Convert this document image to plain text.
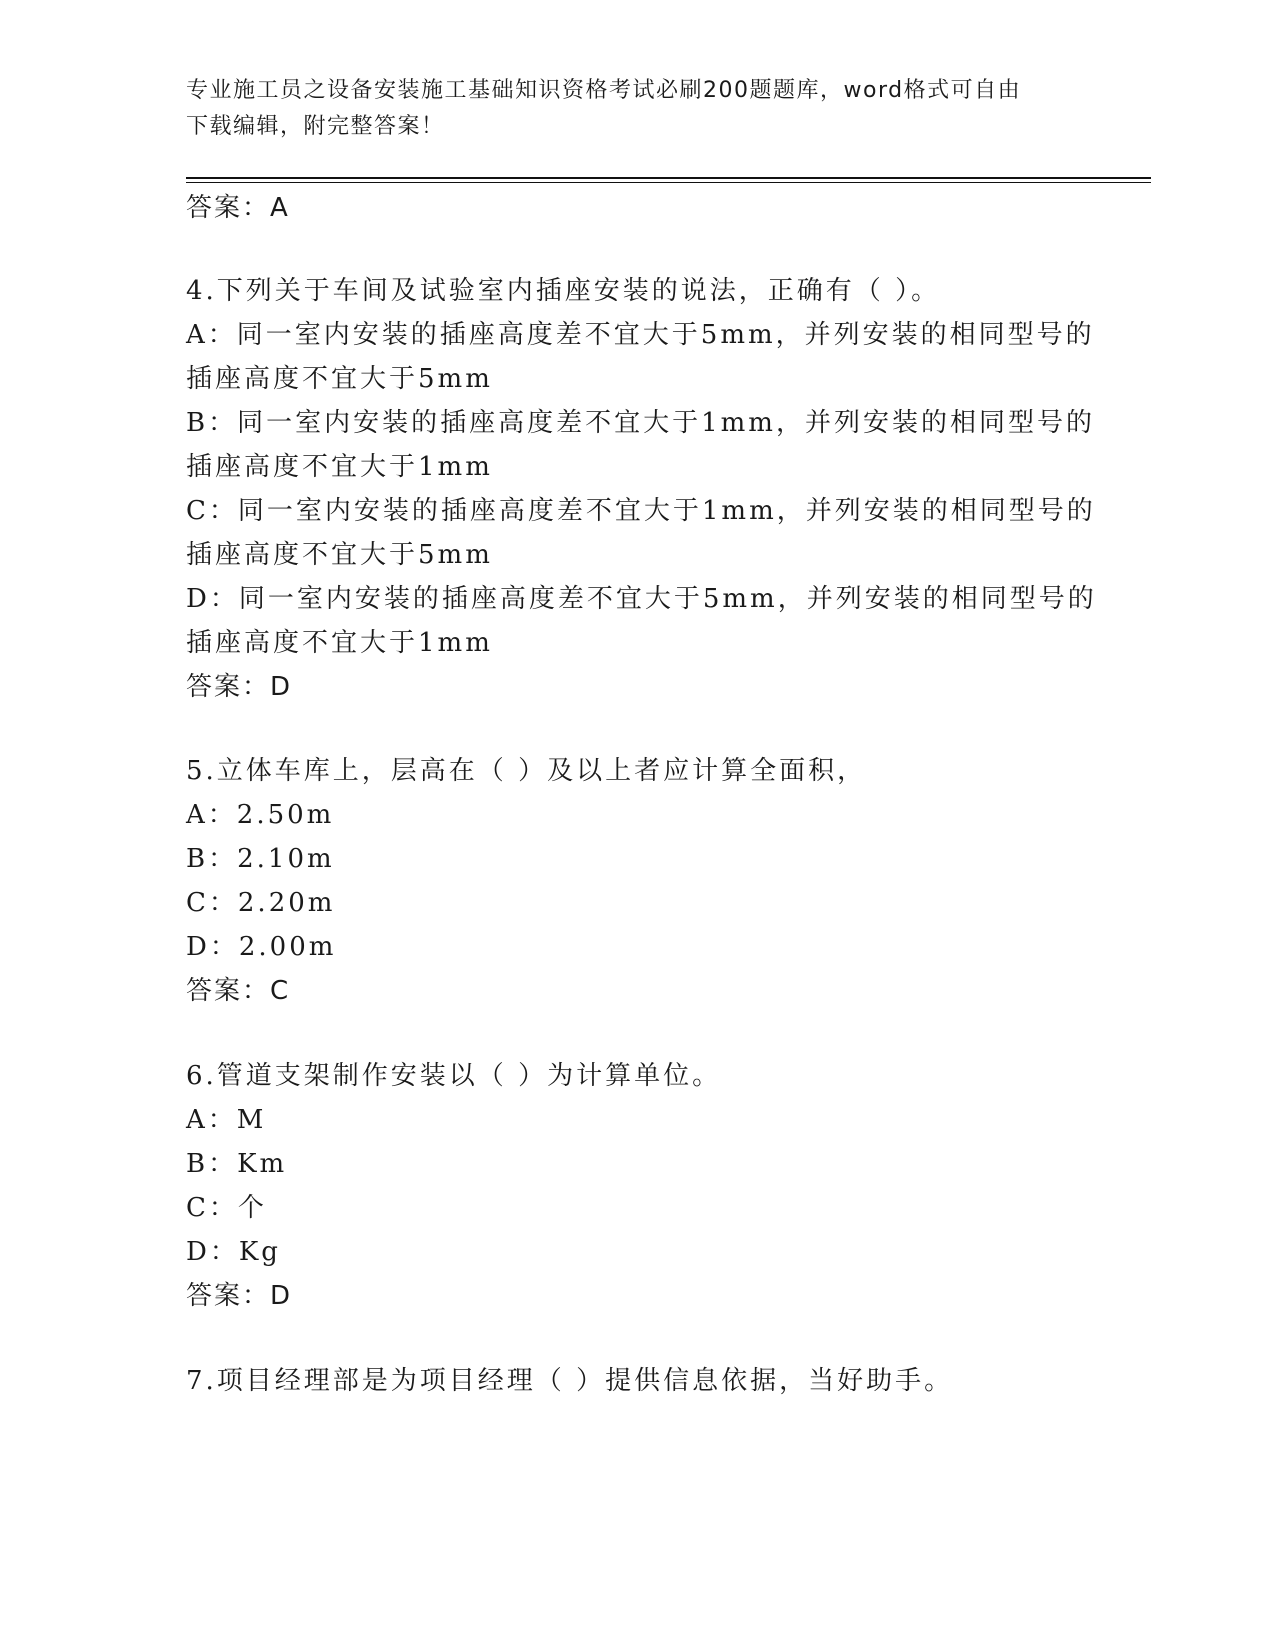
专业施工员之设备安装施工基础知识资格考试必刷200题题库，word格式可自由
下载编辑，附完整答案！
答案：A
4.下列关于车间及试验室内插座安装的说法，正确有（ ）。
A：同一室内安装的插座高度差不宜大于5mm，并列安装的相同型号的
插座高度不宜大于5mm
B：同一室内安装的插座高度差不宜大于1mm，并列安装的相同型号的
插座高度不宜大于1mm
C：同一室内安装的插座高度差不宜大于1mm，并列安装的相同型号的
插座高度不宜大于5mm
D：同一室内安装的插座高度差不宜大于5mm，并列安装的相同型号的
插座高度不宜大于1mm
答案：D
5.立体车库上，层高在（ ）及以上者应计算全面积，
A：2.50m
B：2.10m
C：2.20m
D：2.00m
答案：C
6.管道支架制作安装以（ ）为计算单位。
A：M
B：Km
C：个
D：Kg
答案：D
7.项目经理部是为项目经理（ ）提供信息依据，当好助手。
